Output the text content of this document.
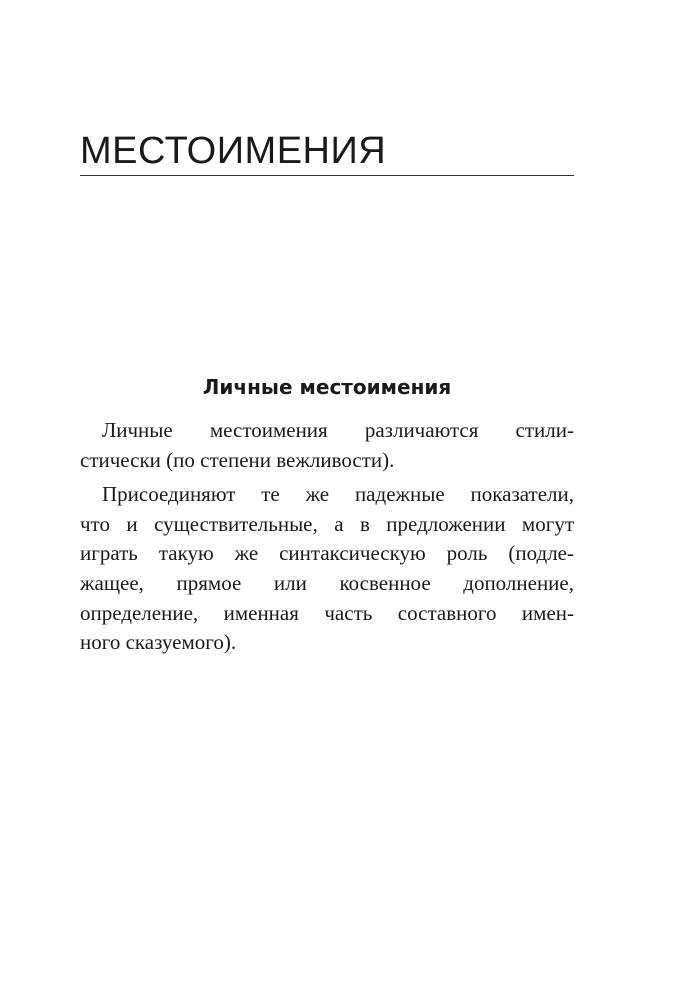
МЕСТОИМЕНИЯ
Личные местоимения
Личные местоимения различаются стили-
стически (по степени вежливости).
Присоединяют те же падежные показатели,
что и существительные, а в предложении могут
играть такую же синтаксическую роль (подле-
жащее, прямое или косвенное дополнение,
определение, именная часть составного имен-
ного сказуемого).
